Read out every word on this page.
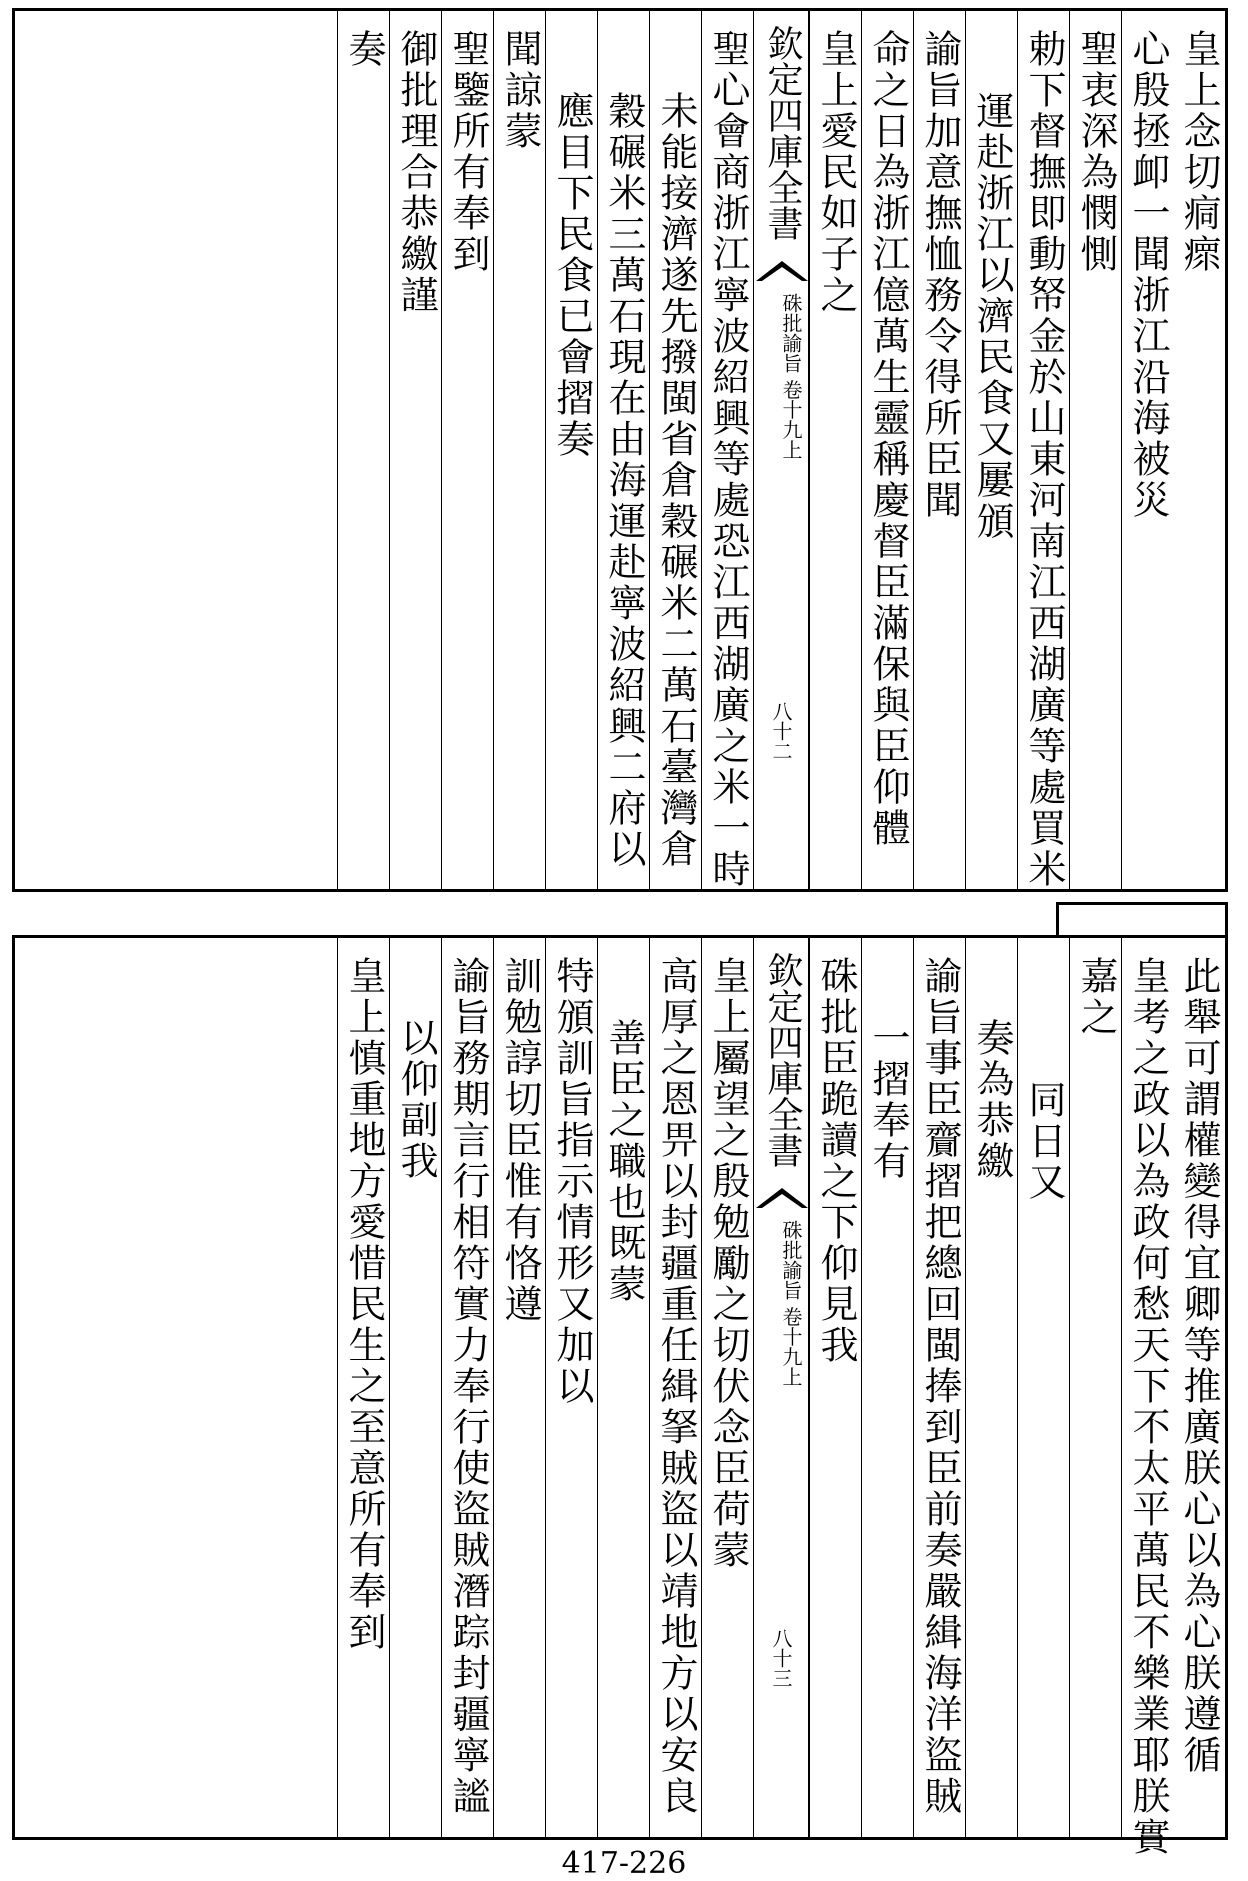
皇上念切痌瘝
心殷拯卹一聞浙江沿海被災
聖衷深為憫惻
勅下督撫即動帑金於山東河南江西湖廣等處買米
運赴浙江以濟民食又屢頒
諭旨加意撫恤務令得所臣聞
命之日為浙江億萬生靈稱慶督臣滿保與臣仰體
皇上愛民如子之
欽定四庫全書
硃批諭旨 卷十九上
八十二
聖心會商浙江寧波紹興等處恐江西湖廣之米一時
未能接濟遂先撥閩省倉穀碾米二萬石臺灣倉
穀碾米三萬石現在由海運赴寧波紹興二府以
應目下民食已會摺奏
聞諒蒙
聖鑒所有奉到
御批理合恭繳謹
奏
此舉可謂權變得宜卿等推廣朕心以為心朕遵循
皇考之政以為政何愁天下不太平萬民不樂業耶朕實
嘉之
同日又
奏為恭繳
諭旨事臣齎摺把總回閩捧到臣前奏嚴緝海洋盜賊
一摺奉有
硃批臣跪讀之下仰見我
欽定四庫全書
硃批諭旨 卷十九上
八十三
皇上屬望之殷勉勵之切伏念臣荷蒙
高厚之恩畀以封疆重任緝拏賊盜以靖地方以安良
善臣之職也既蒙
特頒訓旨指示情形又加以
訓勉諄切臣惟有恪遵
諭旨務期言行相符實力奉行使盜賊潛踪封疆寧謐
以仰副我
皇上慎重地方愛惜民生之至意所有奉到
417-226
